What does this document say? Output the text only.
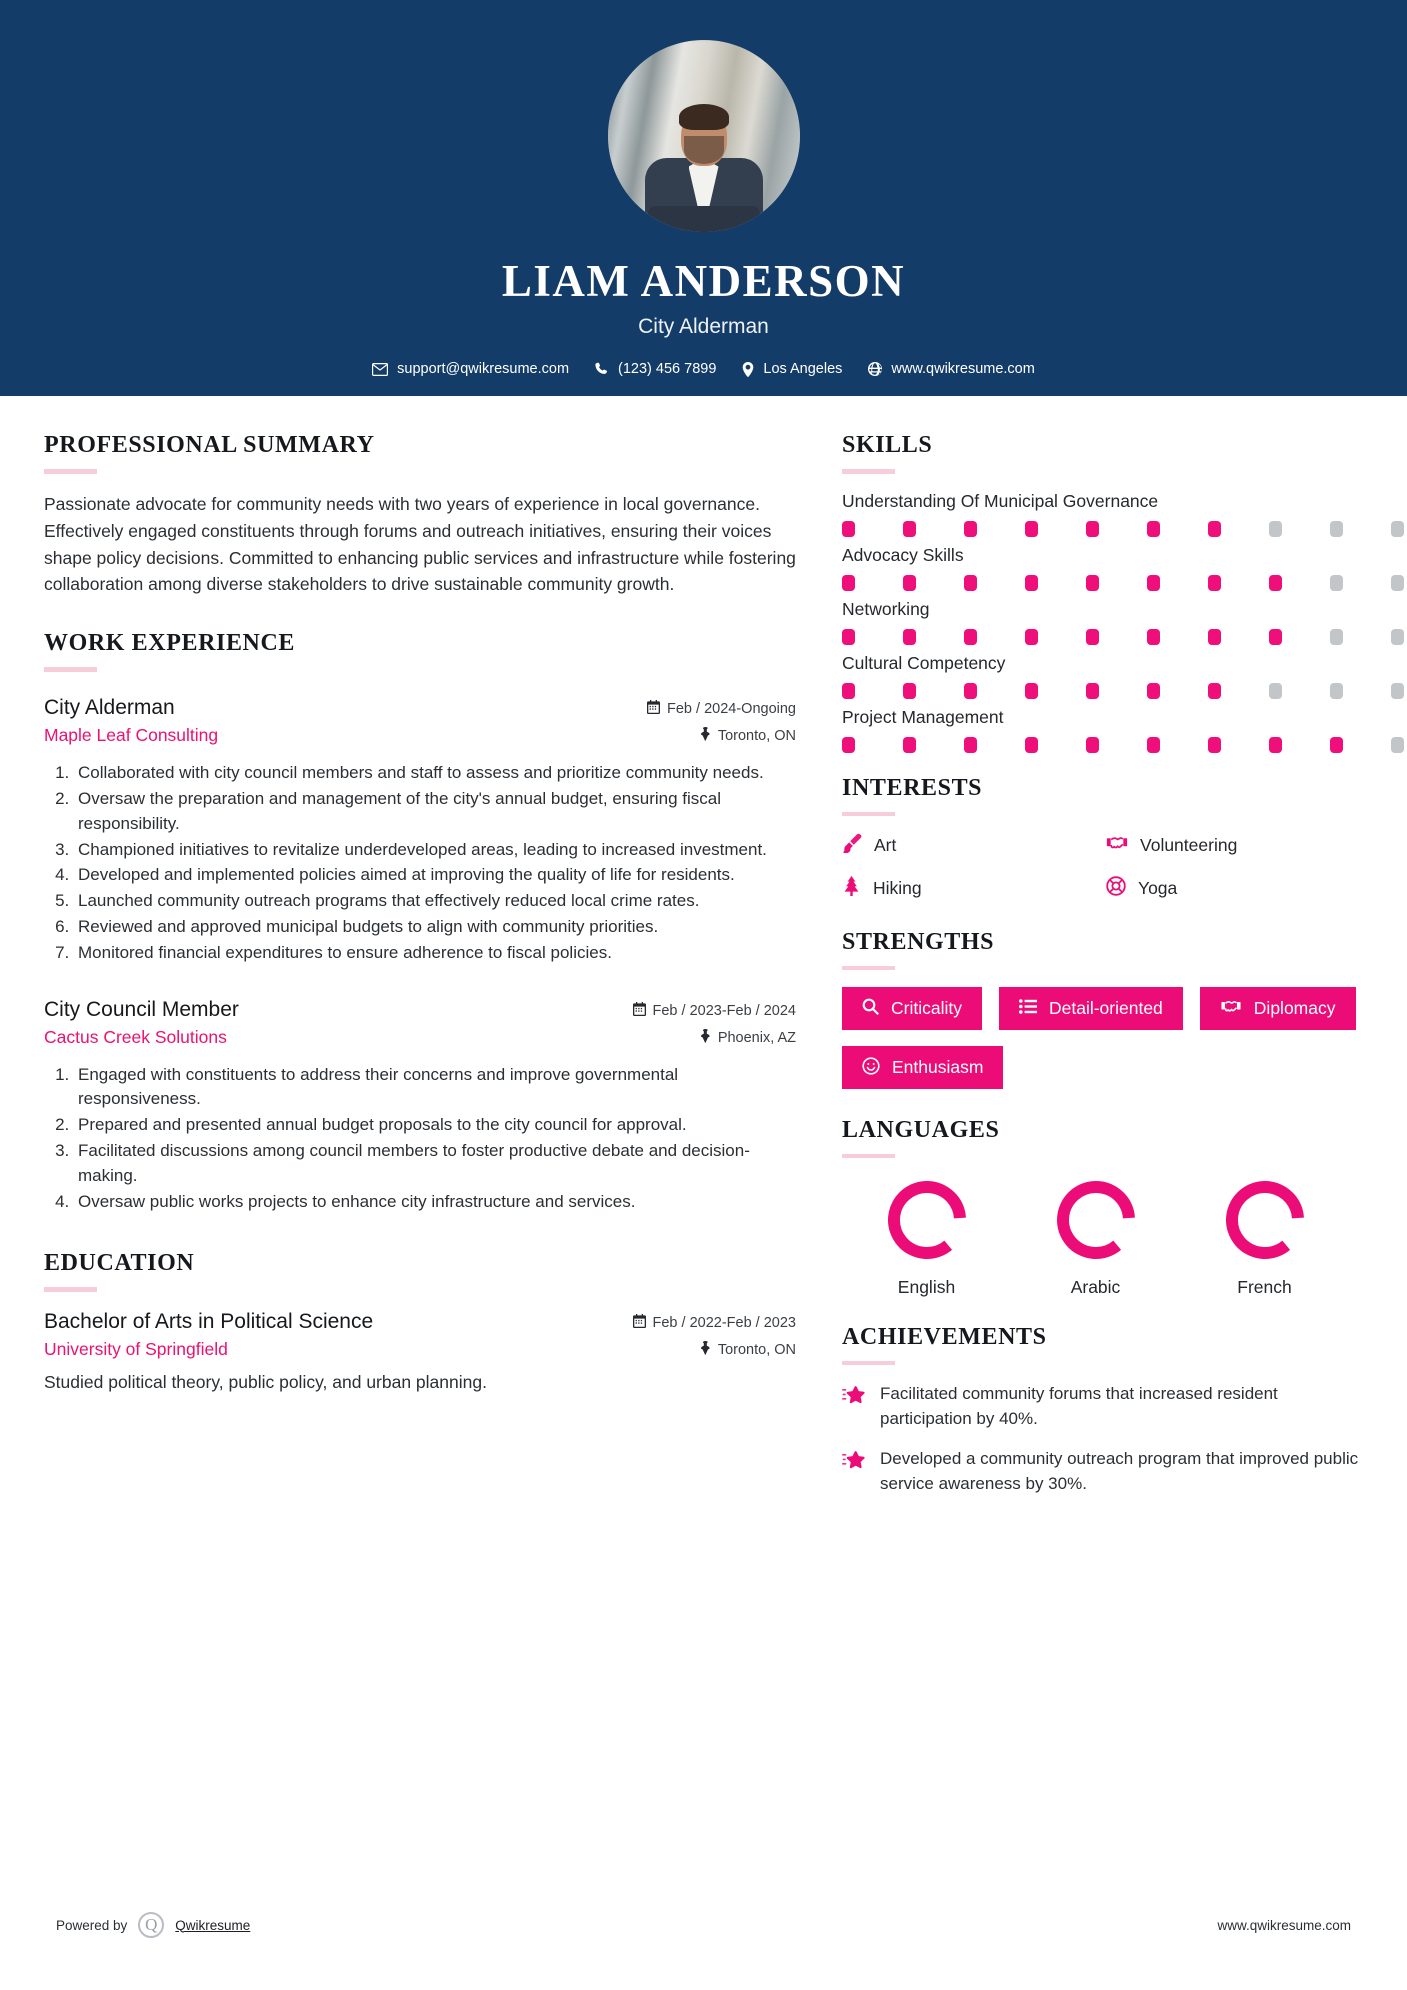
LIAM ANDERSON
City Alderman
support@qwikresume.com	(123) 456 7899	Los Angeles	www.qwikresume.com
PROFESSIONAL SUMMARY
Passionate advocate for community needs with two years of experience in local governance. Effectively engaged constituents through forums and outreach initiatives, ensuring their voices shape policy decisions. Committed to enhancing public services and infrastructure while fostering collaboration among diverse stakeholders to drive sustainable community growth.
WORK EXPERIENCE
City Alderman	Feb / 2024-Ongoing
Maple Leaf Consulting	Toronto, ON
1. Collaborated with city council members and staff to assess and prioritize community needs.
2. Oversaw the preparation and management of the city's annual budget, ensuring fiscal responsibility.
3. Championed initiatives to revitalize underdeveloped areas, leading to increased investment.
4. Developed and implemented policies aimed at improving the quality of life for residents.
5. Launched community outreach programs that effectively reduced local crime rates.
6. Reviewed and approved municipal budgets to align with community priorities.
7. Monitored financial expenditures to ensure adherence to fiscal policies.
City Council Member	Feb / 2023-Feb / 2024
Cactus Creek Solutions	Phoenix, AZ
1. Engaged with constituents to address their concerns and improve governmental responsiveness.
2. Prepared and presented annual budget proposals to the city council for approval.
3. Facilitated discussions among council members to foster productive debate and decision-making.
4. Oversaw public works projects to enhance city infrastructure and services.
EDUCATION
Bachelor of Arts in Political Science	Feb / 2022-Feb / 2023
University of Springfield	Toronto, ON
Studied political theory, public policy, and urban planning.
SKILLS
Understanding Of Municipal Governance
Advocacy Skills
Networking
Cultural Competency
Project Management
INTERESTS
Art	Volunteering
Hiking	Yoga
STRENGTHS
Criticality	Detail-oriented	Diplomacy
Enthusiasm
LANGUAGES
English	Arabic	French
ACHIEVEMENTS
Facilitated community forums that increased resident participation by 40%.
Developed a community outreach program that improved public service awareness by 30%.
Powered by	Q	Qwikresume	www.qwikresume.com
